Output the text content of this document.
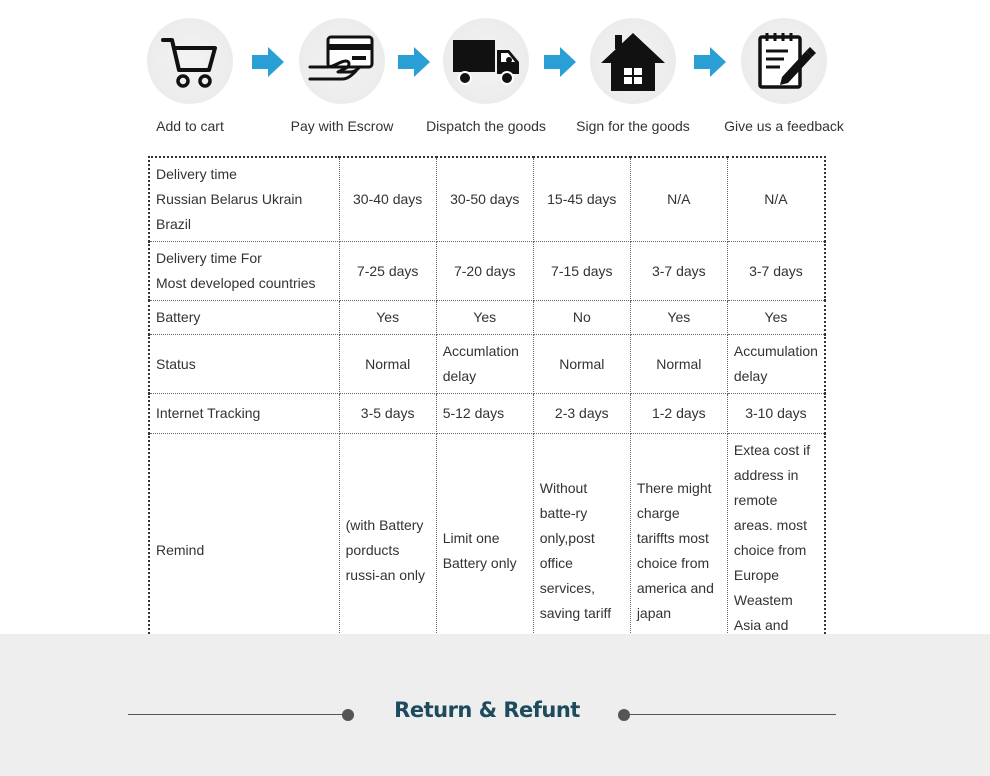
Add to cart	Pay with Escrow	Dispatch the goods	Sign for the goods	Give us a feedback
Delivery time
Russian Belarus Ukrain Brazil	30-40 days	30-50 days	15-45 days	N/A	N/A

Delivery time For
Most developed countries	7-25 days	7-20 days	7-15 days	3-7 days	3-7 days
Battery	Yes	Yes	No	Yes	Yes
Status	Normal	Accumlation delay	Normal	Normal	Accumulation delay
Internet Tracking	3-5 days	5-12 days	2-3 days	1-2 days	3-10 days
Remind	(with Battery porducts russi-an only	Limit one Battery only	Without batte-ry only,post office services, saving tariff	There might charge tariffts most choice from america and japan	Extea cost if address in remote areas. most choice from Europe Weastem Asia and
Return & Refunt
